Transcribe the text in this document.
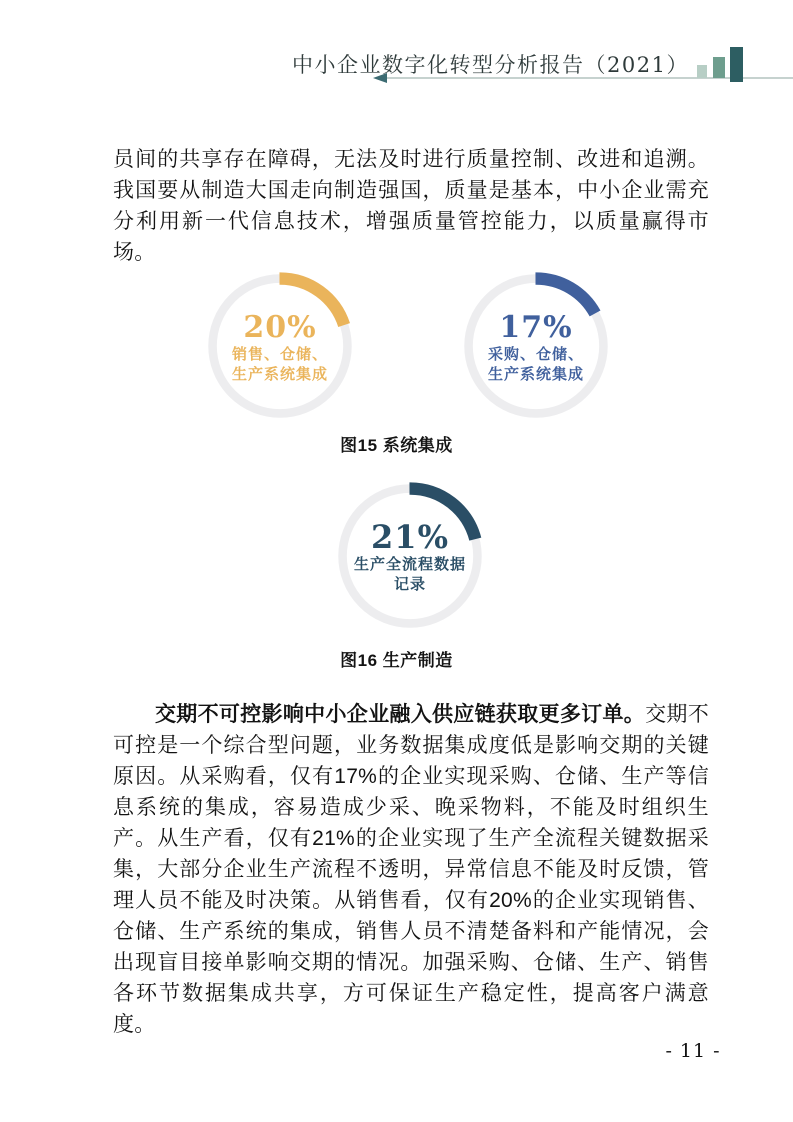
中小企业数字化转型分析报告（2021）
员间的共享存在障碍，无法及时进行质量控制、改进和追溯。我国要从制造大国走向制造强国，质量是基本，中小企业需充分利用新一代信息技术，增强质量管控能力，以质量赢得市场。
20%
销售、仓储、
生产系统集成
17%
采购、仓储、
生产系统集成
图15 系统集成
21%
生产全流程数据
记录
图16 生产制造
交期不可控影响中小企业融入供应链获取更多订单。交期不可控是一个综合型问题，业务数据集成度低是影响交期的关键原因。从采购看，仅有17%的企业实现采购、仓储、生产等信息系统的集成，容易造成少采、晚采物料，不能及时组织生产。从生产看，仅有21%的企业实现了生产全流程关键数据采集，大部分企业生产流程不透明，异常信息不能及时反馈，管理人员不能及时决策。从销售看，仅有20%的企业实现销售、仓储、生产系统的集成，销售人员不清楚备料和产能情况，会出现盲目接单影响交期的情况。加强采购、仓储、生产、销售各环节数据集成共享，方可保证生产稳定性，提高客户满意度。
- 11 -
